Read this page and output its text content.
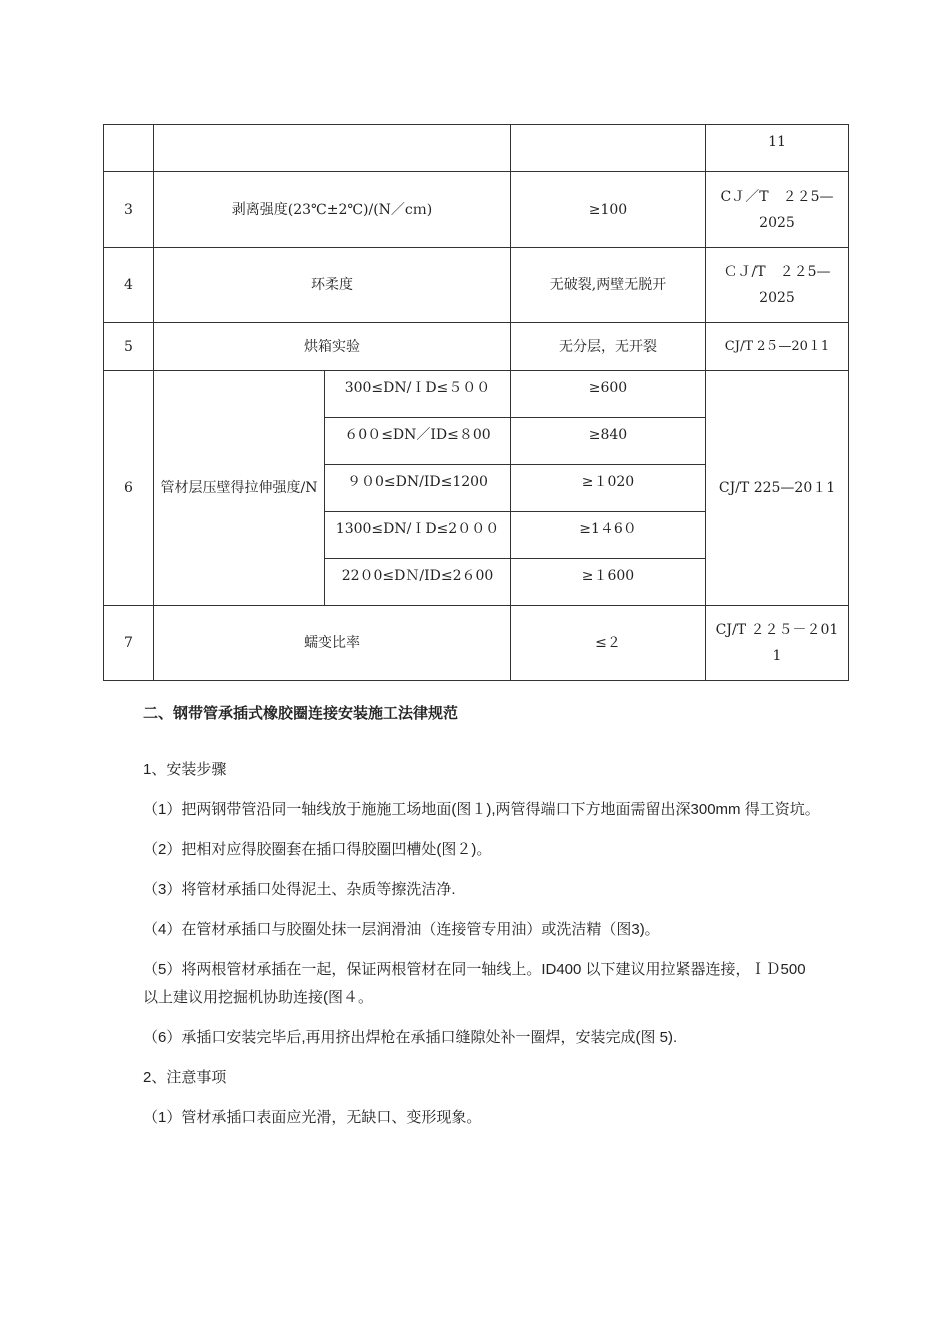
				11
3	剥离强度(23℃±2℃)/(N／cｍ)		≥100	CＪ／T　２２5—2025
4	环柔度		无破裂,两壁无脱开	ＣＪ/T　２２5—2025
5	烘箱实验		无分层，无开裂	CJ/T 2５—20１1
6	管材层压壁得拉伸强度/N	300≤DN/ＩD≤５００	≥600	CJ/T 225—20１1
		６0０≤DN／ID≤８00	≥840	
		９０0≤DN/ID≤1200	≥１020	
		1300≤DN/ＩD≤2０００	≥1４6０	
		22０0≤DＮ/ID≤2６00	≥１600	
7	蠕变比率		≤２	CJ/T ２２５－２01 1

二、钢带管承插式橡胶圈连接安装施工法律规范

1、安装步骤

（1）把两钢带管沿同一轴线放于施施工场地面(图１),两管得端口下方地面需留出深300mm 得工资坑。

（2）把相对应得胶圈套在插口得胶圈凹槽处(图２)。

（3）将管材承插口处得泥土、杂质等擦洗洁净.

（4）在管材承插口与胶圈处抹一层润滑油（连接管专用油）或洗洁精（图3)。

（5）将两根管材承插在一起，保证两根管材在同一轴线上。ID400 以下建议用拉紧器连接，ＩＤ500 以上建议用挖掘机协助连接(图４。

（6）承插口安装完毕后,再用挤出焊枪在承插口缝隙处补一圈焊，安装完成(图 5).

2、注意事项

（1）管材承插口表面应光滑，无缺口、变形现象。
